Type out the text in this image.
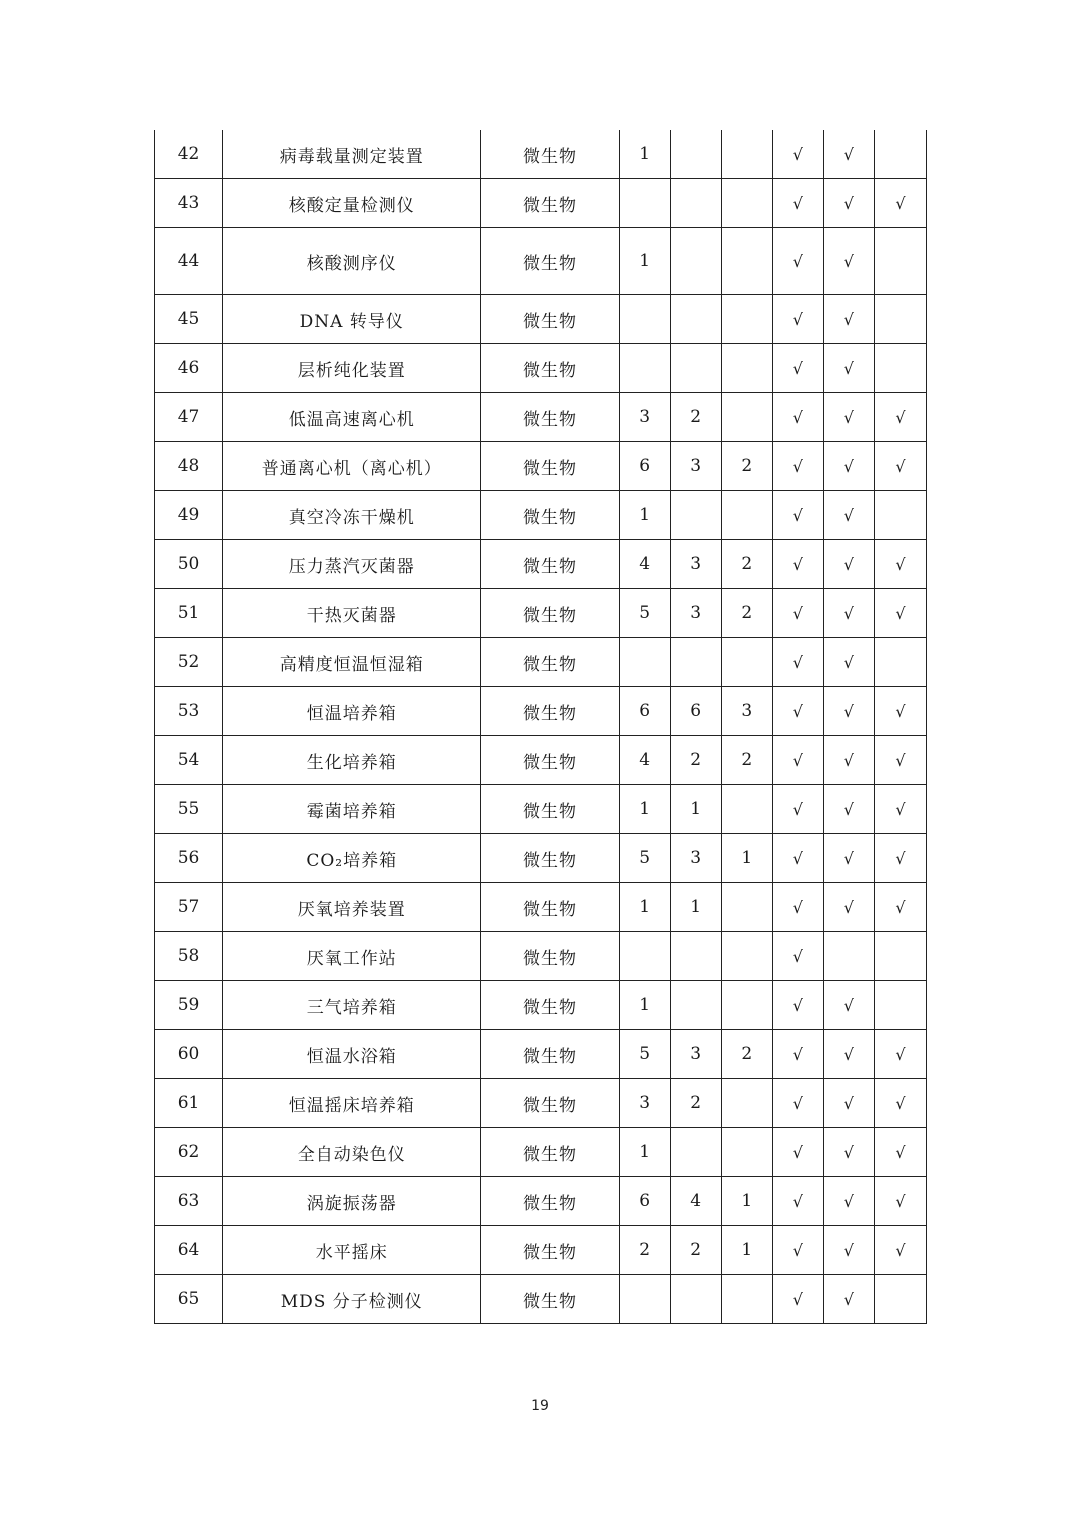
42	病毒载量测定装置	微生物	1			√	√	
43	核酸定量检测仪	微生物				√	√	√
44	核酸测序仪	微生物	1			√	√	
45	DNA 转导仪	微生物				√	√	
46	层析纯化装置	微生物				√	√	
47	低温高速离心机	微生物	3	2		√	√	√
48	普通离心机（离心机）	微生物	6	3	2	√	√	√
49	真空冷冻干燥机	微生物	1			√	√	
50	压力蒸汽灭菌器	微生物	4	3	2	√	√	√
51	干热灭菌器	微生物	5	3	2	√	√	√
52	高精度恒温恒湿箱	微生物				√	√	
53	恒温培养箱	微生物	6	6	3	√	√	√
54	生化培养箱	微生物	4	2	2	√	√	√
55	霉菌培养箱	微生物	1	1		√	√	√
56	CO₂培养箱	微生物	5	3	1	√	√	√
57	厌氧培养装置	微生物	1	1		√	√	√
58	厌氧工作站	微生物				√		
59	三气培养箱	微生物	1			√	√	
60	恒温水浴箱	微生物	5	3	2	√	√	√
61	恒温摇床培养箱	微生物	3	2		√	√	√
62	全自动染色仪	微生物	1			√	√	√
63	涡旋振荡器	微生物	6	4	1	√	√	√
64	水平摇床	微生物	2	2	1	√	√	√
65	MDS 分子检测仪	微生物				√	√	
19
